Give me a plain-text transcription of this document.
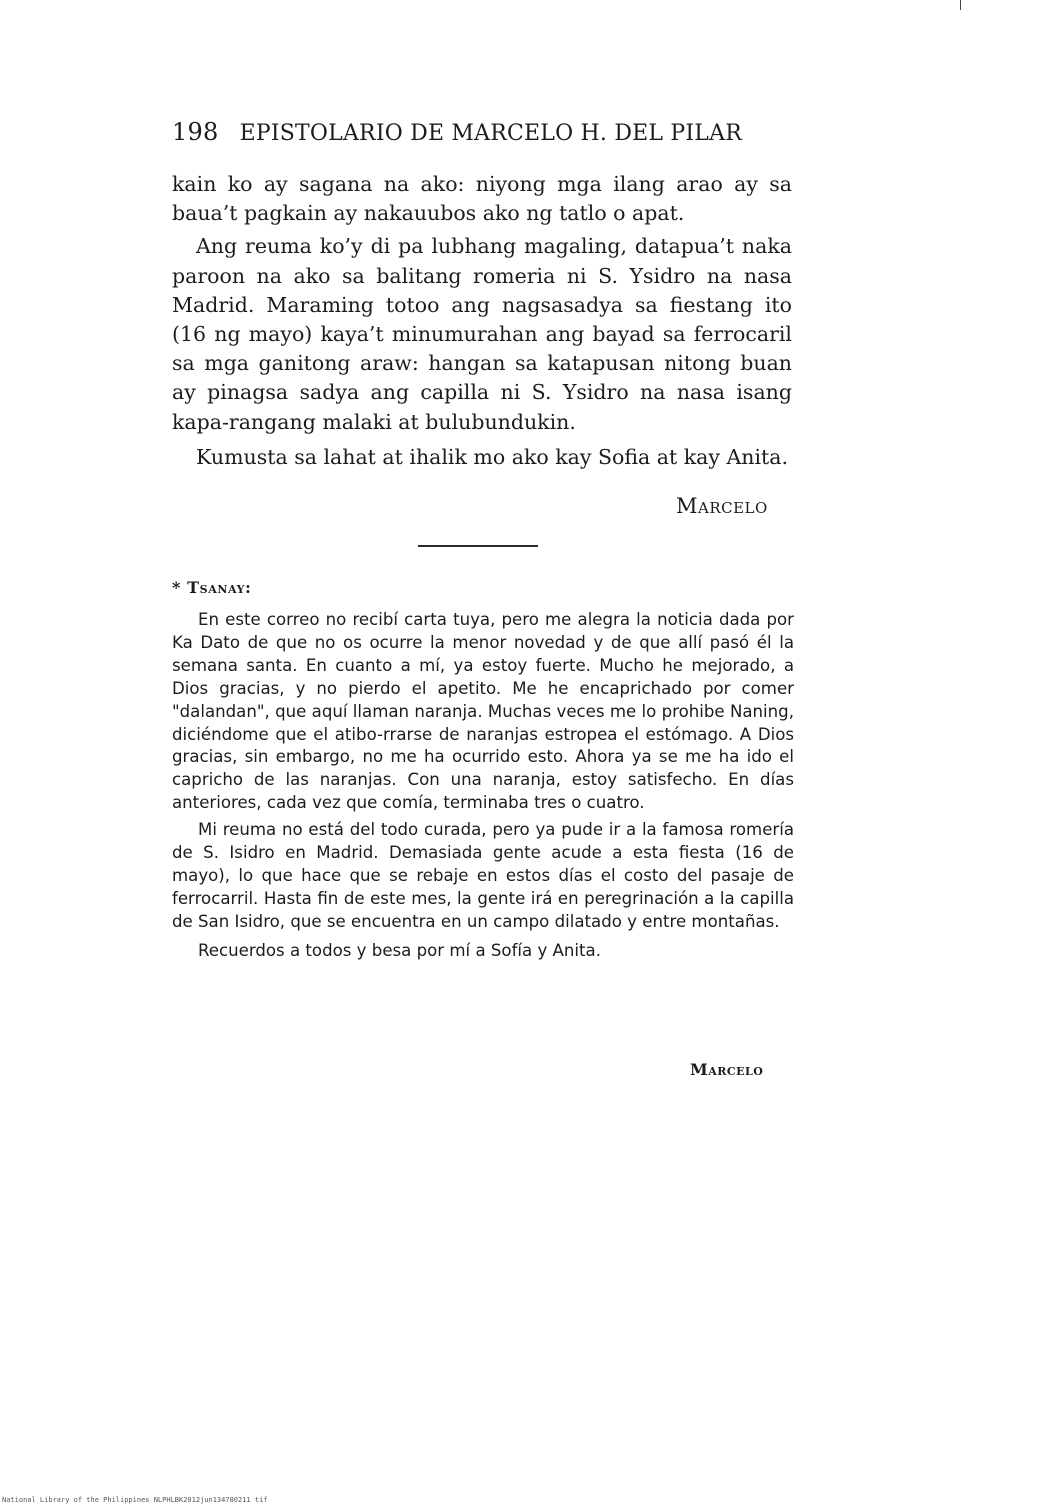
198 EPISTOLARIO DE MARCELO H. DEL PILAR

kain ko ay sagana na ako: niyong mga ilang arao ay sa baua’t pagkain ay nakauubos ako ng tatlo o apat.

Ang reuma ko’y di pa lubhang magaling, datapua’t naka paroon na ako sa balitang romeria ni S. Ysidro na nasa Madrid. Maraming totoo ang nagsasadya sa fiestang ito (16 ng mayo) kaya’t minumurahan ang bayad sa ferrocaril sa mga ganitong araw: hangan sa katapusan nitong buan ay pinagsa sadya ang capilla ni S. Ysidro na nasa isang kapa-rangang malaki at bulubundukin.

Kumusta sa lahat at ihalik mo ako kay Sofia at kay Anita.

Marcelo
* Tsanay:

En este correo no recibí carta tuya, pero me alegra la noticia dada por Ka Dato de que no os ocurre la menor novedad y de que allí pasó él la semana santa. En cuanto a mí, ya estoy fuerte. Mucho he mejorado, a Dios gracias, y no pierdo el apetito. Me he encaprichado por comer "dalandan", que aquí llaman naranja. Muchas veces me lo prohibe Naning, diciéndome que el atibo-rrarse de naranjas estropea el estómago. A Dios gracias, sin embargo, no me ha ocurrido esto. Ahora ya se me ha ido el capricho de las naranjas. Con una naranja, estoy satisfecho. En días anteriores, cada vez que comía, terminaba tres o cuatro.

Mi reuma no está del todo curada, pero ya pude ir a la famosa romería de S. Isidro en Madrid. Demasiada gente acude a esta fiesta (16 de mayo), lo que hace que se rebaje en estos días el costo del pasaje de ferrocarril. Hasta fin de este mes, la gente irá en peregrinación a la capilla de San Isidro, que se encuentra en un campo dilatado y entre montañas.

Recuerdos a todos y besa por mí a Sofía y Anita.

Marcelo
National Library of the Philippines NLPHLBK2012jun134780211 tif
